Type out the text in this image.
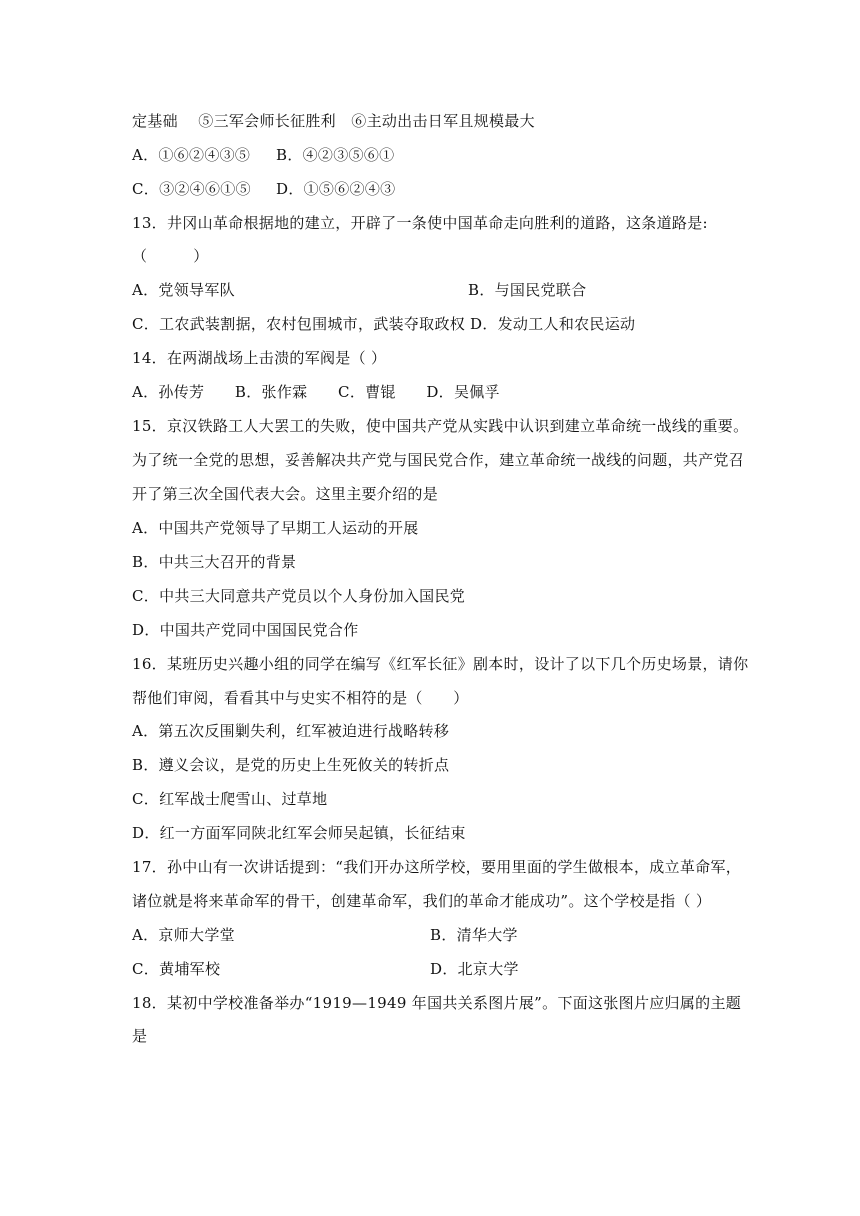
定基础　 ⑤三军会师长征胜利　⑥主动出击日军且规模最大
A．①⑥②④③⑤ B．④②③⑤⑥①
C．③②④⑥①⑤ D．①⑤⑥②④③
13．井冈山革命根据地的建立，开辟了一条使中国革命走向胜利的道路，这条道路是:
（　　　）
A．党领导军队	B．与国民党联合
C．工农武装割据，农村包围城市，武装夺取政权 D．发动工人和农民运动
14．在两湖战场上击溃的军阀是（ ）
A．孙传芳　　B．张作霖　　C．曹锟　　D．吴佩孚
15．京汉铁路工人大罢工的失败，使中国共产党从实践中认识到建立革命统一战线的重要。
为了统一全党的思想，妥善解决共产党与国民党合作，建立革命统一战线的问题，共产党召
开了第三次全国代表大会。这里主要介绍的是
A．中国共产党领导了早期工人运动的开展
B．中共三大召开的背景
C．中共三大同意共产党员以个人身份加入国民党
D．中国共产党同中国国民党合作
16．某班历史兴趣小组的同学在编写《红军长征》剧本时，设计了以下几个历史场景，请你
帮他们审阅，看看其中与史实不相符的是（　　）
A．第五次反围剿失利，红军被迫进行战略转移
B．遵义会议，是党的历史上生死攸关的转折点
C．红军战士爬雪山、过草地
D．红一方面军同陕北红军会师吴起镇，长征结束
17．孙中山有一次讲话提到：“我们开办这所学校，要用里面的学生做根本，成立革命军，
诸位就是将来革命军的骨干，创建革命军，我们的革命才能成功”。这个学校是指（ ）
A．京师大学堂	B．清华大学
C．黄埔军校	D．北京大学
18．某初中学校准备举办“1919—1949 年国共关系图片展”。下面这张图片应归属的主题
是
